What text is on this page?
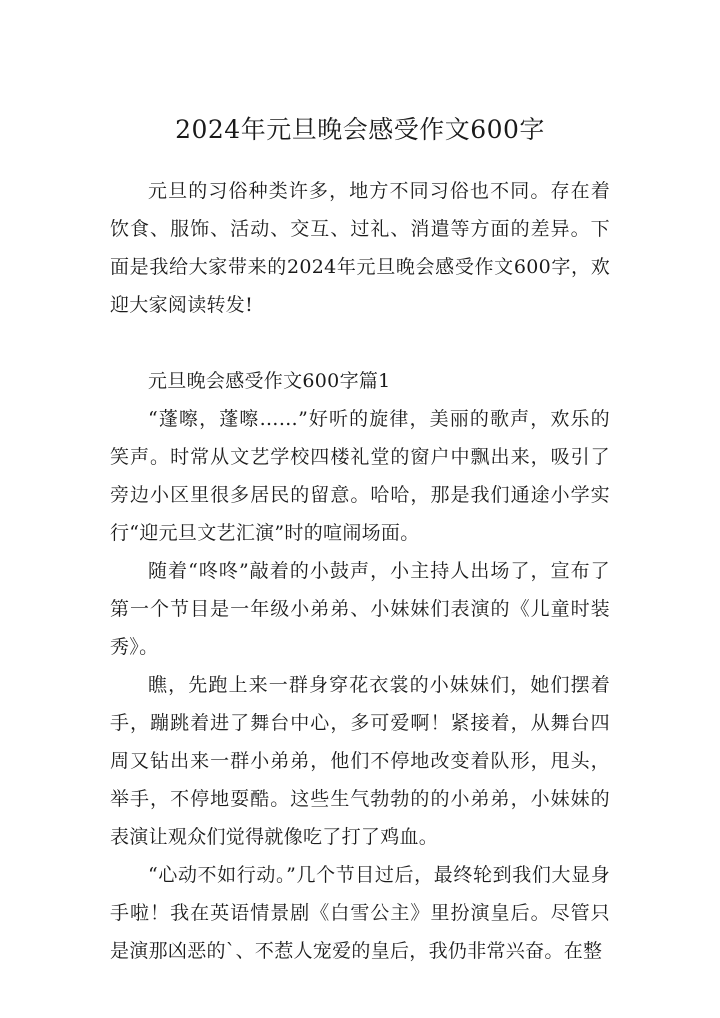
2024年元旦晚会感受作文600字

元旦的习俗种类许多，地方不同习俗也不同。存在着饮食、服饰、活动、交互、过礼、消遣等方面的差异。下面是我给大家带来的2024年元旦晚会感受作文600字，欢迎大家阅读转发!

元旦晚会感受作文600字篇1

“蓬嚓，蓬嚓……”好听的旋律，美丽的歌声，欢乐的笑声。时常从文艺学校四楼礼堂的窗户中飘出来，吸引了旁边小区里很多居民的留意。哈哈，那是我们通途小学实行“迎元旦文艺汇演”时的喧闹场面。

随着“咚咚”敲着的小鼓声，小主持人出场了，宣布了第一个节目是一年级小弟弟、小妹妹们表演的《儿童时装秀》。

瞧，先跑上来一群身穿花衣裳的小妹妹们，她们摆着手，蹦跳着进了舞台中心，多可爱啊！紧接着，从舞台四周又钻出来一群小弟弟，他们不停地改变着队形，甩头，举手，不停地耍酷。这些生气勃勃的的小弟弟，小妹妹的表演让观众们觉得就像吃了打了鸡血。

“心动不如行动。”几个节目过后，最终轮到我们大显身手啦！我在英语情景剧《白雪公主》里扮演皇后。尽管只是演那凶恶的`、不惹人宠爱的皇后，我仍非常兴奋。在整
